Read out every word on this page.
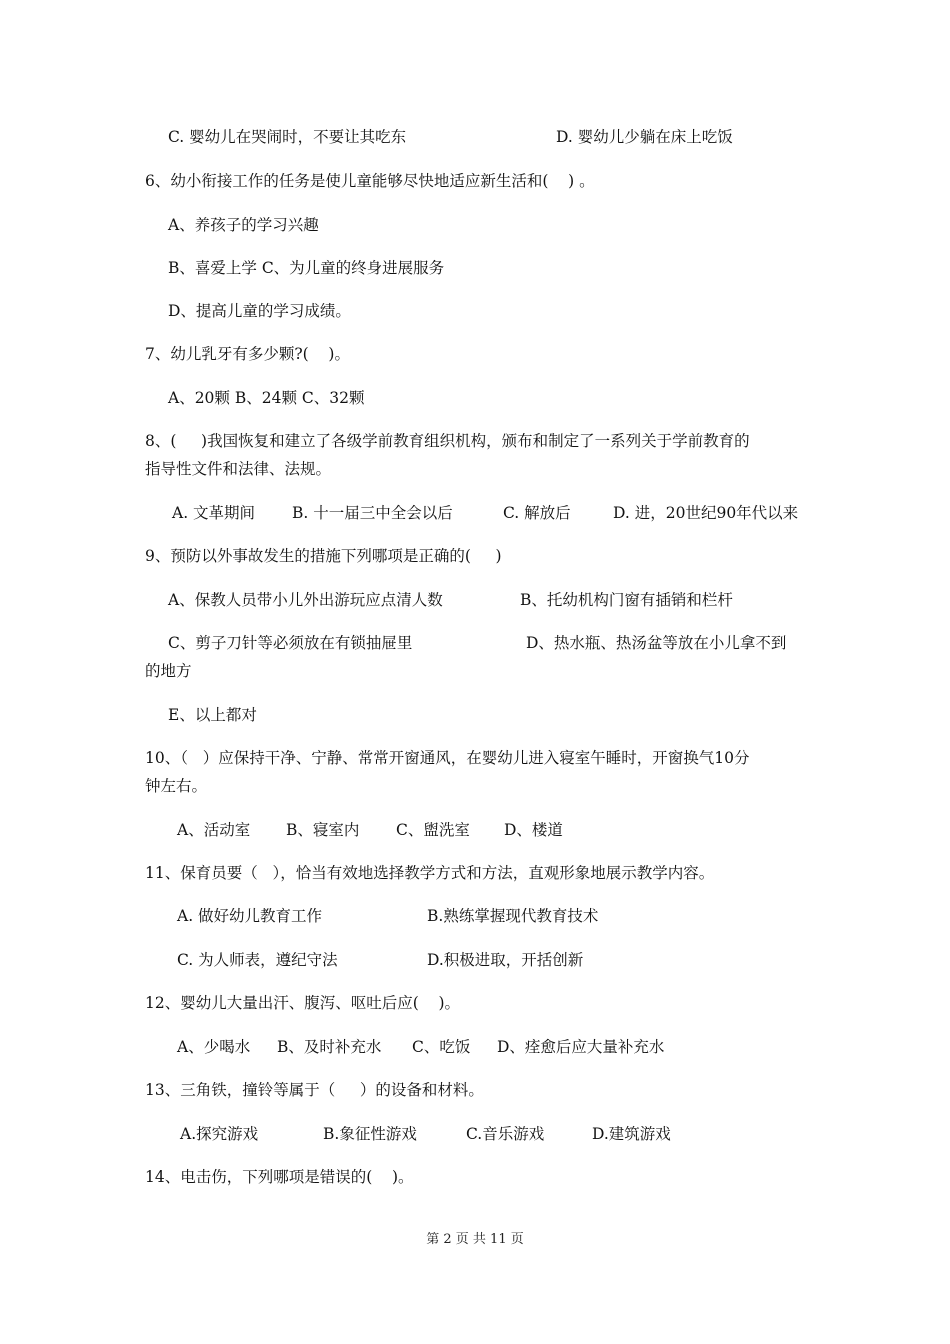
C. 婴幼儿在哭闹时，不要让其吃东	D. 婴幼儿少躺在床上吃饭
6、幼小衔接工作的任务是使儿童能够尽快地适应新生活和(    ) 。
A、养孩子的学习兴趣
B、喜爱上学 C、为儿童的终身进展服务
D、提高儿童的学习成绩。
7、幼儿乳牙有多少颗?(    )。
A、20颗 B、24颗 C、32颗
8、(     )我国恢复和建立了各级学前教育组织机构，颁布和制定了一系列关于学前教育的
指导性文件和法律、法规。
A. 文革期间 B. 十一届三中全会以后	C. 解放后	D. 进，20世纪90年代以来
9、预防以外事故发生的措施下列哪项是正确的(     )
A、保教人员带小儿外出游玩应点清人数	B、托幼机构门窗有插销和栏杆
C、剪子刀针等必须放在有锁抽屉里	D、热水瓶、热汤盆等放在小儿拿不到
的地方
E、以上都对
10、（   ）应保持干净、宁静、常常开窗通风，在婴幼儿进入寝室午睡时，开窗换气10分
钟左右。
A、活动室 B、寝室内 C、盥洗室 D、楼道
11、保育员要（   ），恰当有效地选择教学方式和方法，直观形象地展示教学内容。
A. 做好幼儿教育工作	B.熟练掌握现代教育技术
C. 为人师表，遵纪守法	D.积极进取，开括创新
12、婴幼儿大量出汗、腹泻、呕吐后应(    )。
A、少喝水 B、及时补充水 C、吃饭 D、痊愈后应大量补充水
13、三角铁，撞铃等属于（     ）的设备和材料。
A.探究游戏	B.象征性游戏	C.音乐游戏	D.建筑游戏
14、电击伤，下列哪项是错误的(    )。
第 2 页 共 11 页
